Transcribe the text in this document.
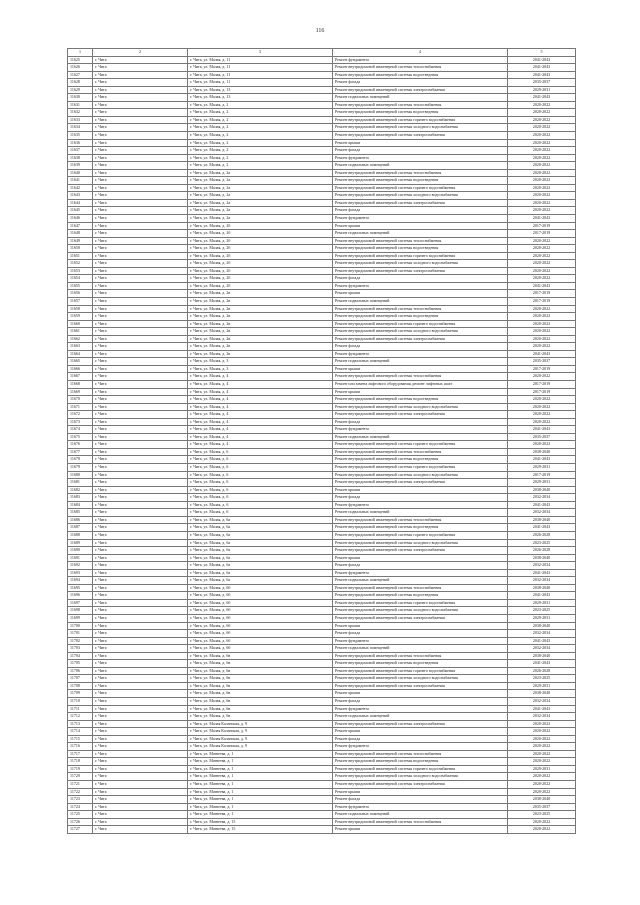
116
1	2	3	4	5
11625	г. Чита	г. Чита, ул. Малая, д. 11	Ремонт фундамента	2041-2043
11626	г. Чита	г. Чита, ул. Малая, д. 11	Ремонт внутридомовой инженерной системы теплоснабжения	2041-2043
11627	г. Чита	г. Чита, ул. Малая, д. 11	Ремонт внутридомовой инженерной системы водоотведения	2041-2043
11628	г. Чита	г. Чита, ул. Малая, д. 11	Ремонт фасада	2035-2037
11629	г. Чита	г. Чита, ул. Малая, д. 13	Ремонт внутридомовой инженерной системы электроснабжения	2029-2031
11630	г. Чита	г. Чита, ул. Малая, д. 13	Ремонт подвальных помещений	2041-2043
11631	г. Чита	г. Чита, ул. Малая, д. 2	Ремонт внутридомовой инженерной системы теплоснабжения	2020-2022
11632	г. Чита	г. Чита, ул. Малая, д. 2	Ремонт внутридомовой инженерной системы водоотведения	2020-2022
11633	г. Чита	г. Чита, ул. Малая, д. 2	Ремонт внутридомовой инженерной системы горячего водоснабжения	2020-2022
11634	г. Чита	г. Чита, ул. Малая, д. 2	Ремонт внутридомовой инженерной системы холодного водоснабжения	2020-2022
11635	г. Чита	г. Чита, ул. Малая, д. 2	Ремонт внутридомовой инженерной системы электроснабжения	2020-2022
11636	г. Чита	г. Чита, ул. Малая, д. 2	Ремонт крыши	2020-2022
11637	г. Чита	г. Чита, ул. Малая, д. 2	Ремонт фасада	2020-2022
11638	г. Чита	г. Чита, ул. Малая, д. 2	Ремонт фундамента	2020-2022
11639	г. Чита	г. Чита, ул. Малая, д. 2	Ремонт подвальных помещений	2020-2022
11640	г. Чита	г. Чита, ул. Малая, д. 2а	Ремонт внутридомовой инженерной системы теплоснабжения	2020-2022
11641	г. Чита	г. Чита, ул. Малая, д. 2а	Ремонт внутридомовой инженерной системы водоотведения	2020-2022
11642	г. Чита	г. Чита, ул. Малая, д. 2а	Ремонт внутридомовой инженерной системы горячего водоснабжения	2020-2022
11643	г. Чита	г. Чита, ул. Малая, д. 2а	Ремонт внутридомовой инженерной системы холодного водоснабжения	2020-2022
11644	г. Чита	г. Чита, ул. Малая, д. 2а	Ремонт внутридомовой инженерной системы электроснабжения	2020-2022
11645	г. Чита	г. Чита, ул. Малая, д. 2а	Ремонт фасада	2020-2022
11646	г. Чита	г. Чита, ул. Малая, д. 2а	Ремонт фундамента	2041-2043
11647	г. Чита	г. Чита, ул. Малая, д. 2б	Ремонт крыши	2017-2019
11648	г. Чита	г. Чита, ул. Малая, д. 2б	Ремонт подвальных помещений	2017-2019
11649	г. Чита	г. Чита, ул. Малая, д. 2б	Ремонт внутридомовой инженерной системы теплоснабжения	2020-2022
11650	г. Чита	г. Чита, ул. Малая, д. 2б	Ремонт внутридомовой инженерной системы водоотведения	2020-2022
11651	г. Чита	г. Чита, ул. Малая, д. 2б	Ремонт внутридомовой инженерной системы горячего водоснабжения	2020-2022
11652	г. Чита	г. Чита, ул. Малая, д. 2б	Ремонт внутридомовой инженерной системы холодного водоснабжения	2020-2022
11653	г. Чита	г. Чита, ул. Малая, д. 2б	Ремонт внутридомовой инженерной системы электроснабжения	2020-2022
11654	г. Чита	г. Чита, ул. Малая, д. 2б	Ремонт фасада	2020-2022
11655	г. Чита	г. Чита, ул. Малая, д. 2б	Ремонт фундамента	2041-2043
11656	г. Чита	г. Чита, ул. Малая, д. 2в	Ремонт крыши	2017-2019
11657	г. Чита	г. Чита, ул. Малая, д. 2в	Ремонт подвальных помещений	2017-2019
11658	г. Чита	г. Чита, ул. Малая, д. 2в	Ремонт внутридомовой инженерной системы теплоснабжения	2020-2022
11659	г. Чита	г. Чита, ул. Малая, д. 2в	Ремонт внутридомовой инженерной системы водоотведения	2020-2022
11660	г. Чита	г. Чита, ул. Малая, д. 2в	Ремонт внутридомовой инженерной системы горячего водоснабжения	2020-2022
11661	г. Чита	г. Чита, ул. Малая, д. 2в	Ремонт внутридомовой инженерной системы холодного водоснабжения	2020-2022
11662	г. Чита	г. Чита, ул. Малая, д. 2в	Ремонт внутридомовой инженерной системы электроснабжения	2020-2022
11663	г. Чита	г. Чита, ул. Малая, д. 2в	Ремонт фасада	2020-2022
11664	г. Чита	г. Чита, ул. Малая, д. 2в	Ремонт фундамента	2041-2043
11665	г. Чита	г. Чита, ул. Малая, д. 3	Ремонт подвальных помещений	2035-2037
11666	г. Чита	г. Чита, ул. Малая, д. 3	Ремонт крыши	2017-2019
11667	г. Чита	г. Чита, ул. Малая, д. 4	Ремонт внутридомовой инженерной системы теплоснабжения	2020-2022
11668	г. Чита	г. Чита, ул. Малая, д. 4	Ремонт или замена лифтового оборудования, ремонт лифтовых шахт	2017-2019
11669	г. Чита	г. Чита, ул. Малая, д. 4	Ремонт крыши	2017-2019
11670	г. Чита	г. Чита, ул. Малая, д. 4	Ремонт внутридомовой инженерной системы водоотведения	2020-2022
11671	г. Чита	г. Чита, ул. Малая, д. 4	Ремонт внутридомовой инженерной системы холодного водоснабжения	2020-2022
11672	г. Чита	г. Чита, ул. Малая, д. 4	Ремонт внутридомовой инженерной системы электроснабжения	2020-2022
11673	г. Чита	г. Чита, ул. Малая, д. 4	Ремонт фасада	2020-2022
11674	г. Чита	г. Чита, ул. Малая, д. 4	Ремонт фундамента	2041-2043
11675	г. Чита	г. Чита, ул. Малая, д. 4	Ремонт подвальных помещений	2035-2037
11676	г. Чита	г. Чита, ул. Малая, д. 4	Ремонт внутридомовой инженерной системы горячего водоснабжения	2020-2022
11677	г. Чита	г. Чита, ул. Малая, д. 6	Ремонт внутридомовой инженерной системы теплоснабжения	2038-2040
11678	г. Чита	г. Чита, ул. Малая, д. 6	Ремонт внутридомовой инженерной системы водоотведения	2041-2043
11679	г. Чита	г. Чита, ул. Малая, д. 6	Ремонт внутридомовой инженерной системы горячего водоснабжения	2029-2031
11680	г. Чита	г. Чита, ул. Малая, д. 6	Ремонт внутридомовой инженерной системы холодного водоснабжения	2017-2019
11681	г. Чита	г. Чита, ул. Малая, д. 6	Ремонт внутридомовой инженерной системы электроснабжения	2029-2031
11682	г. Чита	г. Чита, ул. Малая, д. 6	Ремонт крыши	2038-2040
11683	г. Чита	г. Чита, ул. Малая, д. 6	Ремонт фасада	2032-2034
11684	г. Чита	г. Чита, ул. Малая, д. 6	Ремонт фундамента	2041-2043
11685	г. Чита	г. Чита, ул. Малая, д. 6	Ремонт подвальных помещений	2032-2034
11686	г. Чита	г. Чита, ул. Малая, д. 6а	Ремонт внутридомовой инженерной системы теплоснабжения	2038-2040
11687	г. Чита	г. Чита, ул. Малая, д. 6а	Ремонт внутридомовой инженерной системы водоотведения	2041-2043
11688	г. Чита	г. Чита, ул. Малая, д. 6а	Ремонт внутридомовой инженерной системы горячего водоснабжения	2026-2028
11689	г. Чита	г. Чита, ул. Малая, д. 6а	Ремонт внутридомовой инженерной системы холодного водоснабжения	2023-2025
11690	г. Чита	г. Чита, ул. Малая, д. 6а	Ремонт внутридомовой инженерной системы электроснабжения	2026-2028
11691	г. Чита	г. Чита, ул. Малая, д. 6а	Ремонт крыши	2038-2040
11692	г. Чита	г. Чита, ул. Малая, д. 6а	Ремонт фасада	2032-2034
11693	г. Чита	г. Чита, ул. Малая, д. 6а	Ремонт фундамента	2041-2043
11694	г. Чита	г. Чита, ул. Малая, д. 6а	Ремонт подвальных помещений	2032-2034
11695	г. Чита	г. Чита, ул. Малая, д. 6б	Ремонт внутридомовой инженерной системы теплоснабжения	2038-2040
11696	г. Чита	г. Чита, ул. Малая, д. 6б	Ремонт внутридомовой инженерной системы водоотведения	2041-2043
11697	г. Чита	г. Чита, ул. Малая, д. 6б	Ремонт внутридомовой инженерной системы горячего водоснабжения	2029-2031
11698	г. Чита	г. Чита, ул. Малая, д. 6б	Ремонт внутридомовой инженерной системы холодного водоснабжения	2023-2025
11699	г. Чита	г. Чита, ул. Малая, д. 6б	Ремонт внутридомовой инженерной системы электроснабжения	2029-2031
11700	г. Чита	г. Чита, ул. Малая, д. 6б	Ремонт крыши	2038-2040
11701	г. Чита	г. Чита, ул. Малая, д. 6б	Ремонт фасада	2032-2034
11702	г. Чита	г. Чита, ул. Малая, д. 6б	Ремонт фундамента	2041-2043
11703	г. Чита	г. Чита, ул. Малая, д. 6б	Ремонт подвальных помещений	2032-2034
11704	г. Чита	г. Чита, ул. Малая, д. 6в	Ремонт внутридомовой инженерной системы теплоснабжения	2038-2040
11705	г. Чита	г. Чита, ул. Малая, д. 6в	Ремонт внутридомовой инженерной системы водоотведения	2041-2043
11706	г. Чита	г. Чита, ул. Малая, д. 6в	Ремонт внутридомовой инженерной системы горячего водоснабжения	2026-2028
11707	г. Чита	г. Чита, ул. Малая, д. 6в	Ремонт внутридомовой инженерной системы холодного водоснабжения	2023-2025
11708	г. Чита	г. Чита, ул. Малая, д. 6в	Ремонт внутридомовой инженерной системы электроснабжения	2029-2031
11709	г. Чита	г. Чита, ул. Малая, д. 6в	Ремонт крыши	2038-2040
11710	г. Чита	г. Чита, ул. Малая, д. 6в	Ремонт фасада	2032-2034
11711	г. Чита	г. Чита, ул. Малая, д. 6в	Ремонт фундамента	2041-2043
11712	г. Чита	г. Чита, ул. Малая, д. 6в	Ремонт подвальных помещений	2032-2034
11713	г. Чита	г. Чита, ул. Малая Каланская, д. 9	Ремонт внутридомовой инженерной системы электроснабжения	2020-2022
11714	г. Чита	г. Чита, ул. Малая Каланская, д. 9	Ремонт крыши	2020-2022
11715	г. Чита	г. Чита, ул. Малая Каланская, д. 9	Ремонт фасада	2020-2022
11716	г. Чита	г. Чита, ул. Малая Каланская, д. 9	Ремонт фундамента	2020-2022
11717	г. Чита	г. Чита, ул. Матвеева, д. 1	Ремонт внутридомовой инженерной системы теплоснабжения	2020-2022
11718	г. Чита	г. Чита, ул. Матвеева, д. 1	Ремонт внутридомовой инженерной системы водоотведения	2020-2022
11719	г. Чита	г. Чита, ул. Матвеева, д. 1	Ремонт внутридомовой инженерной системы горячего водоснабжения	2029-2031
11720	г. Чита	г. Чита, ул. Матвеева, д. 1	Ремонт внутридомовой инженерной системы холодного водоснабжения	2020-2022
11721	г. Чита	г. Чита, ул. Матвеева, д. 1	Ремонт внутридомовой инженерной системы электроснабжения	2020-2022
11722	г. Чита	г. Чита, ул. Матвеева, д. 1	Ремонт крыши	2020-2022
11723	г. Чита	г. Чита, ул. Матвеева, д. 1	Ремонт фасада	2038-2040
11724	г. Чита	г. Чита, ул. Матвеева, д. 1	Ремонт фундамента	2035-2037
11725	г. Чита	г. Чита, ул. Матвеева, д. 1	Ремонт подвальных помещений	2023-2025
11726	г. Чита	г. Чита, ул. Матвеева, д. 15	Ремонт внутридомовой инженерной системы теплоснабжения	2020-2022
11727	г. Чита	г. Чита, ул. Матвеева, д. 15	Ремонт крыши	2020-2022
